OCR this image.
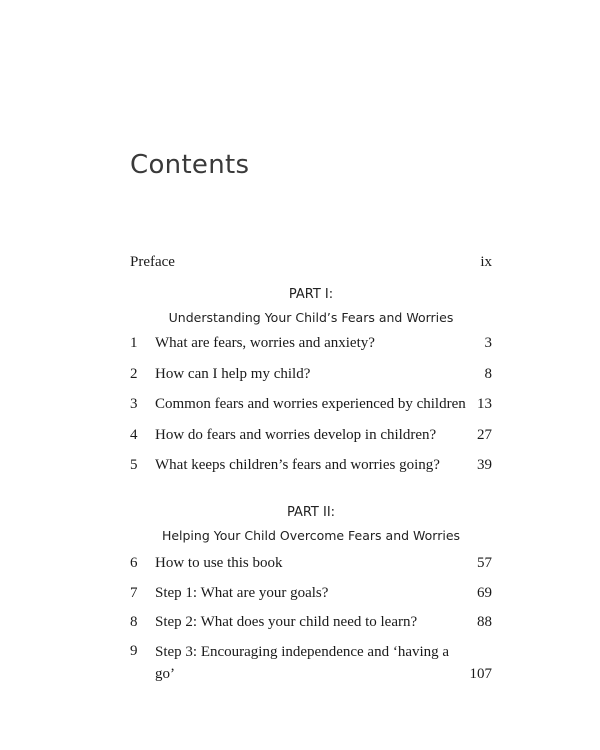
Contents
Preface	ix
PART I:
Understanding Your Child’s Fears and Worries
1	What are fears, worries and anxiety?	3
2	How can I help my child?	8
3	Common fears and worries experienced by children 13
4	How do fears and worries develop in children?	27
5	What keeps children’s fears and worries going? 39
PART II:
Helping Your Child Overcome Fears and Worries
6	How to use this book	57
7	Step 1: What are your goals?	69
8	Step 2: What does your child need to learn?	88
9	Step 3: Encouraging independence and ‘having a go’	107
